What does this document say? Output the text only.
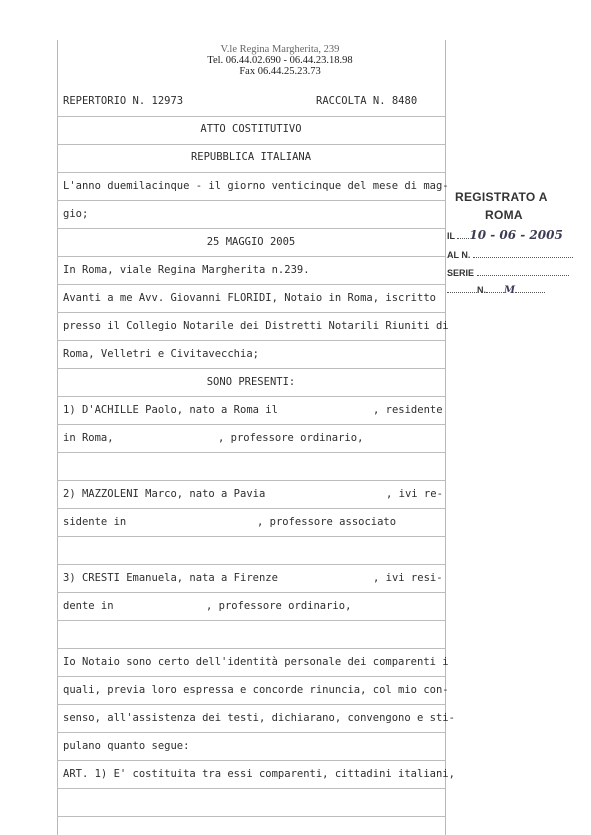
V.le Regina Margherita, 239
Tel. 06.44.02.690 - 06.44.23.18.98
Fax 06.44.25.23.73
REPERTORIO N. 12973	RACCOLTA N. 8480
ATTO COSTITUTIVO
REPUBBLICA ITALIANA
L'anno duemilacinque - il giorno venticinque del mese di mag-
gio;
25 MAGGIO 2005
In Roma, viale Regina Margherita n.239.
Avanti a me Avv. Giovanni FLORIDI, Notaio in Roma, iscritto
presso il Collegio Notarile dei Distretti Notarili Riuniti di
Roma, Velletri e Civitavecchia;
SONO PRESENTI:
1) D'ACHILLE Paolo, nato a Roma il	, residente
in Roma,	, professore ordinario,
2) MAZZOLENI Marco, nato a Pavia	, ivi re-
sidente in	, professore associato
3) CRESTI Emanuela, nata a Firenze	, ivi resi-
dente in	, professore ordinario,
Io Notaio sono certo dell'identità personale dei comparenti i
quali, previa loro espressa e concorde rinuncia, col mio con-
senso, all'assistenza dei testi, dichiarano, convengono e sti-
pulano quanto segue:
ART. 1) E' costituita tra essi comparenti, cittadini italiani,
REGISTRATO A
ROMA
IL 10 - 06 - 2005
AL N.
SERIE
N. M
